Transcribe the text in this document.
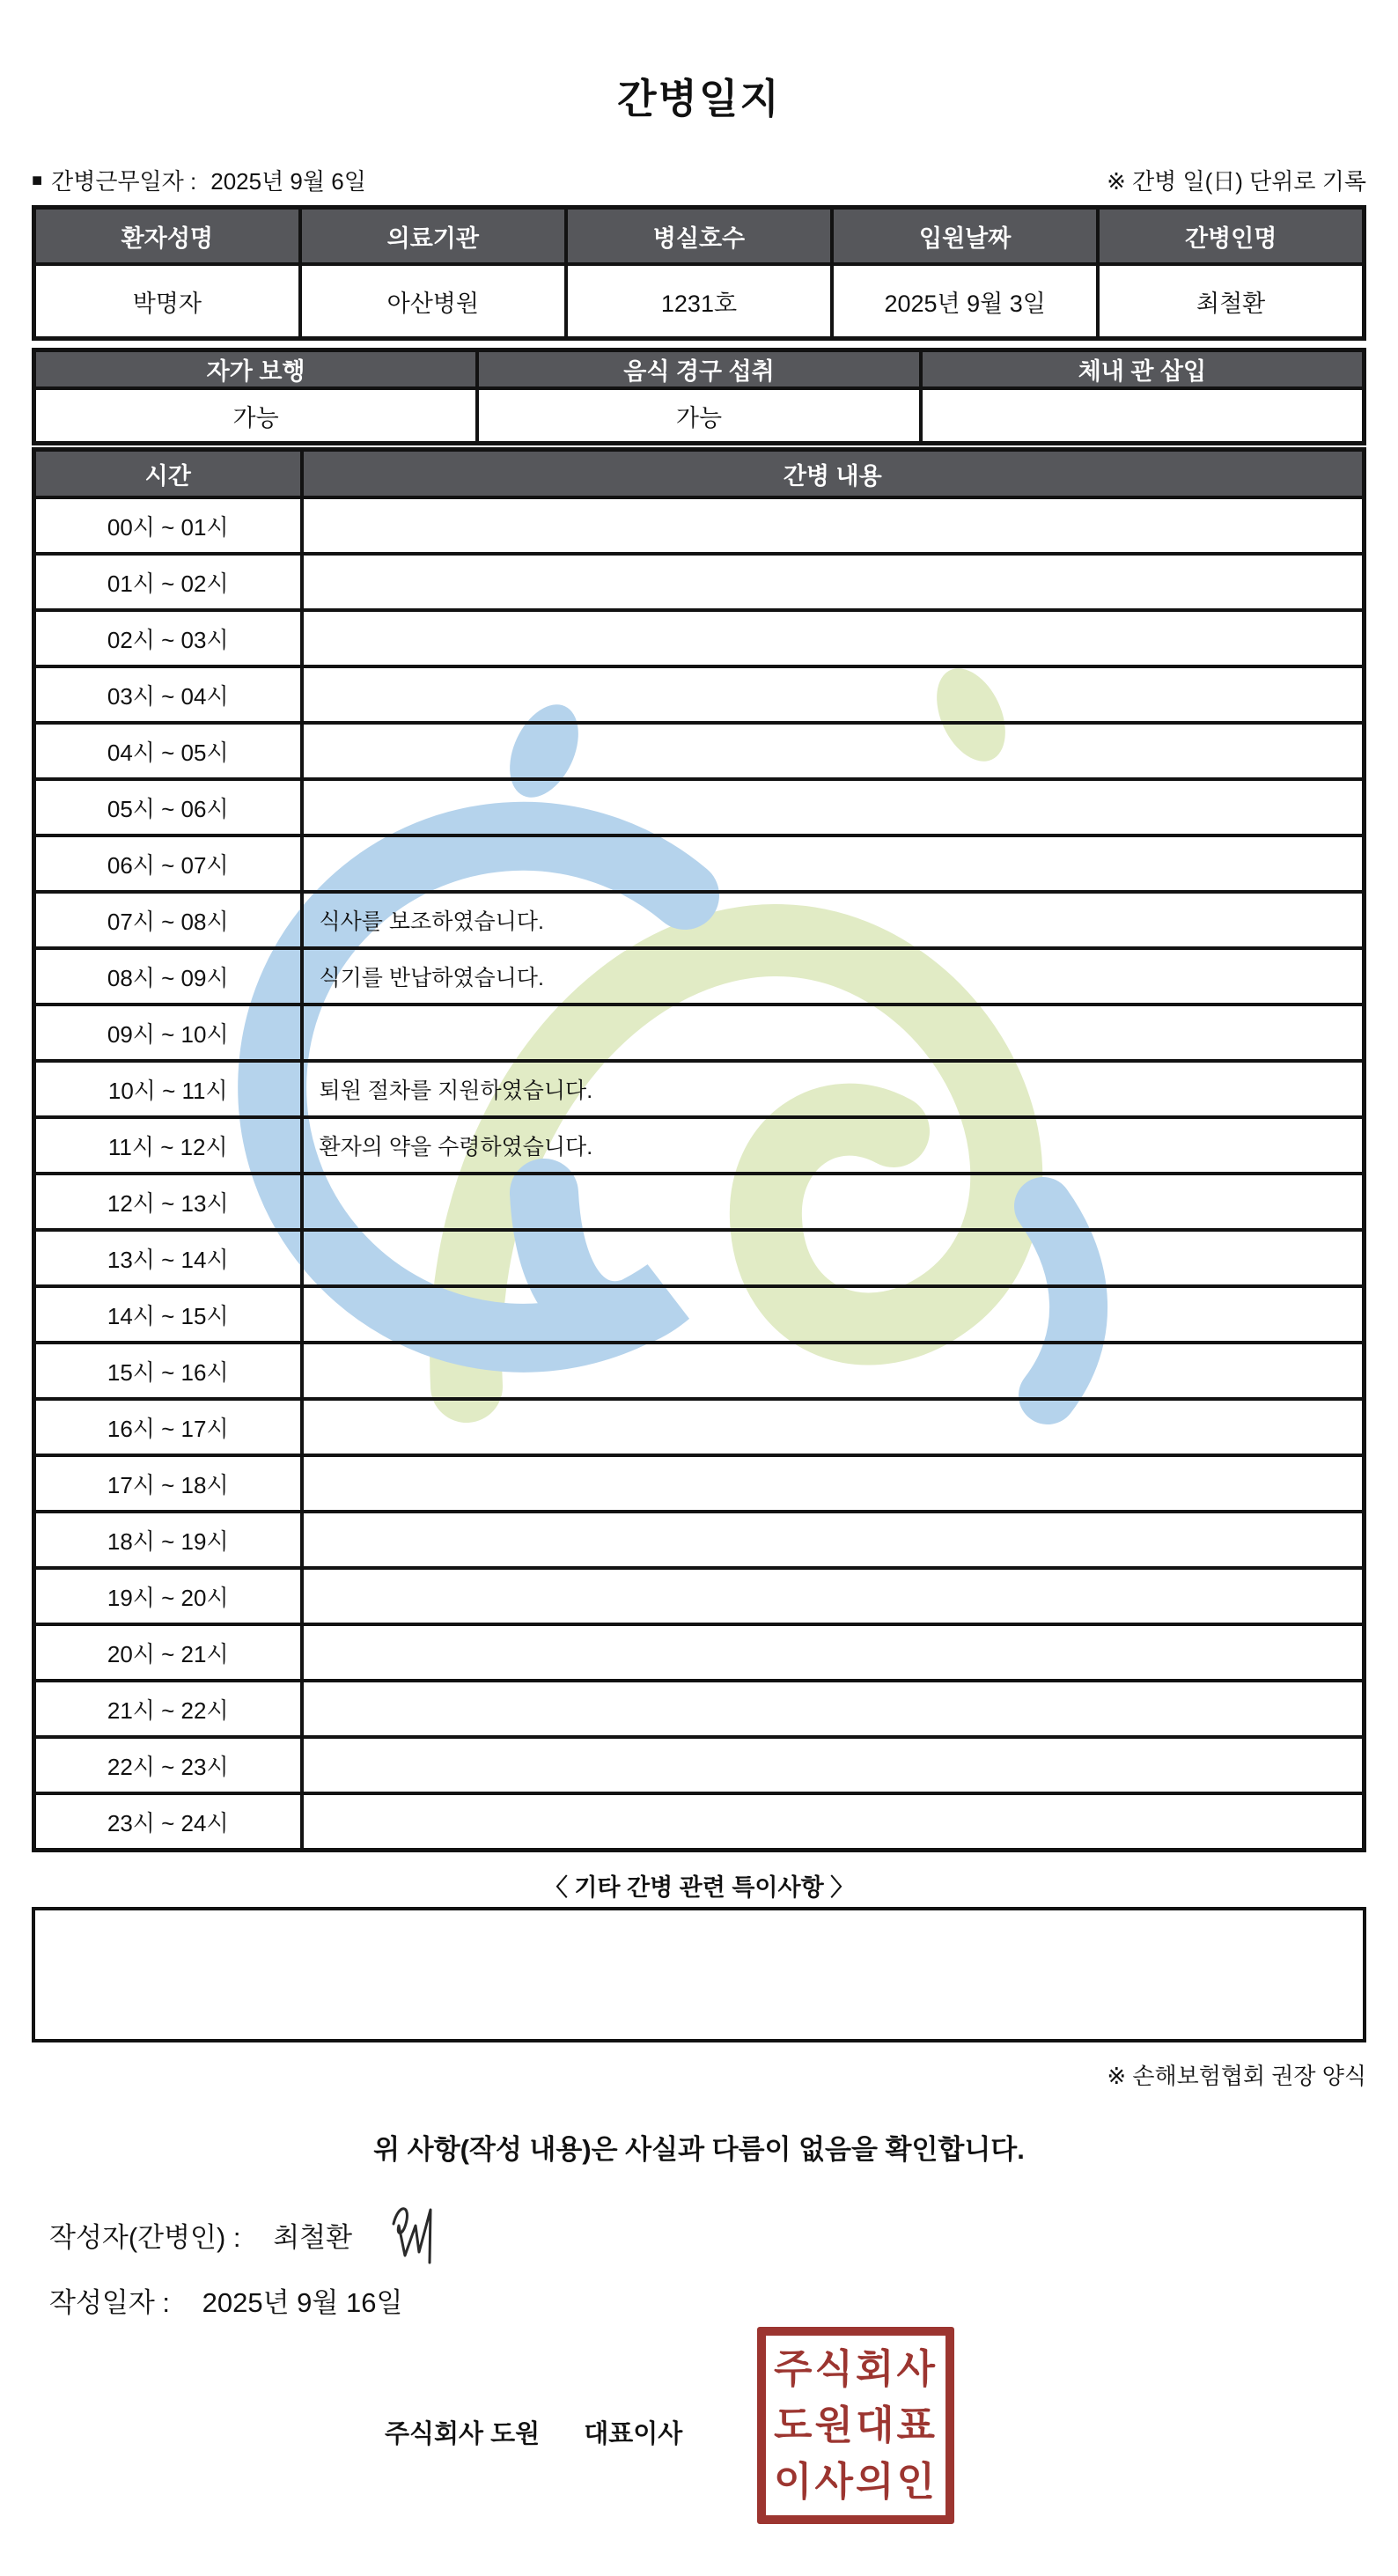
간병일지
■ 간병근무일자 : 2025년 9월 6일	※ 간병 일(日) 단위로 기록
환자성명	의료기관	병실호수	입원날짜	간병인명
박명자	아산병원	1231호	2025년 9월 3일	최철환
자가 보행	음식 경구 섭취	체내 관 삽입
가능	가능	
시간	간병 내용
00시 ~ 01시	
01시 ~ 02시	
02시 ~ 03시	
03시 ~ 04시	
04시 ~ 05시	
05시 ~ 06시	
06시 ~ 07시	
07시 ~ 08시	식사를 보조하였습니다.
08시 ~ 09시	식기를 반납하였습니다.
09시 ~ 10시	
10시 ~ 11시	퇴원 절차를 지원하였습니다.
11시 ~ 12시	환자의 약을 수령하였습니다.
12시 ~ 13시	
13시 ~ 14시	
14시 ~ 15시	
15시 ~ 16시	
16시 ~ 17시	
17시 ~ 18시	
18시 ~ 19시	
19시 ~ 20시	
20시 ~ 21시	
21시 ~ 22시	
22시 ~ 23시	
23시 ~ 24시	
〈 기타 간병 관련 특이사항 〉
※ 손해보험협회 권장 양식
위 사항(작성 내용)은 사실과 다름이 없음을 확인합니다.
작성자(간병인) : 최철환
작성일자 : 2025년 9월 16일
주식회사 도원 대표이사
주식회사
도원대표
이사의인
